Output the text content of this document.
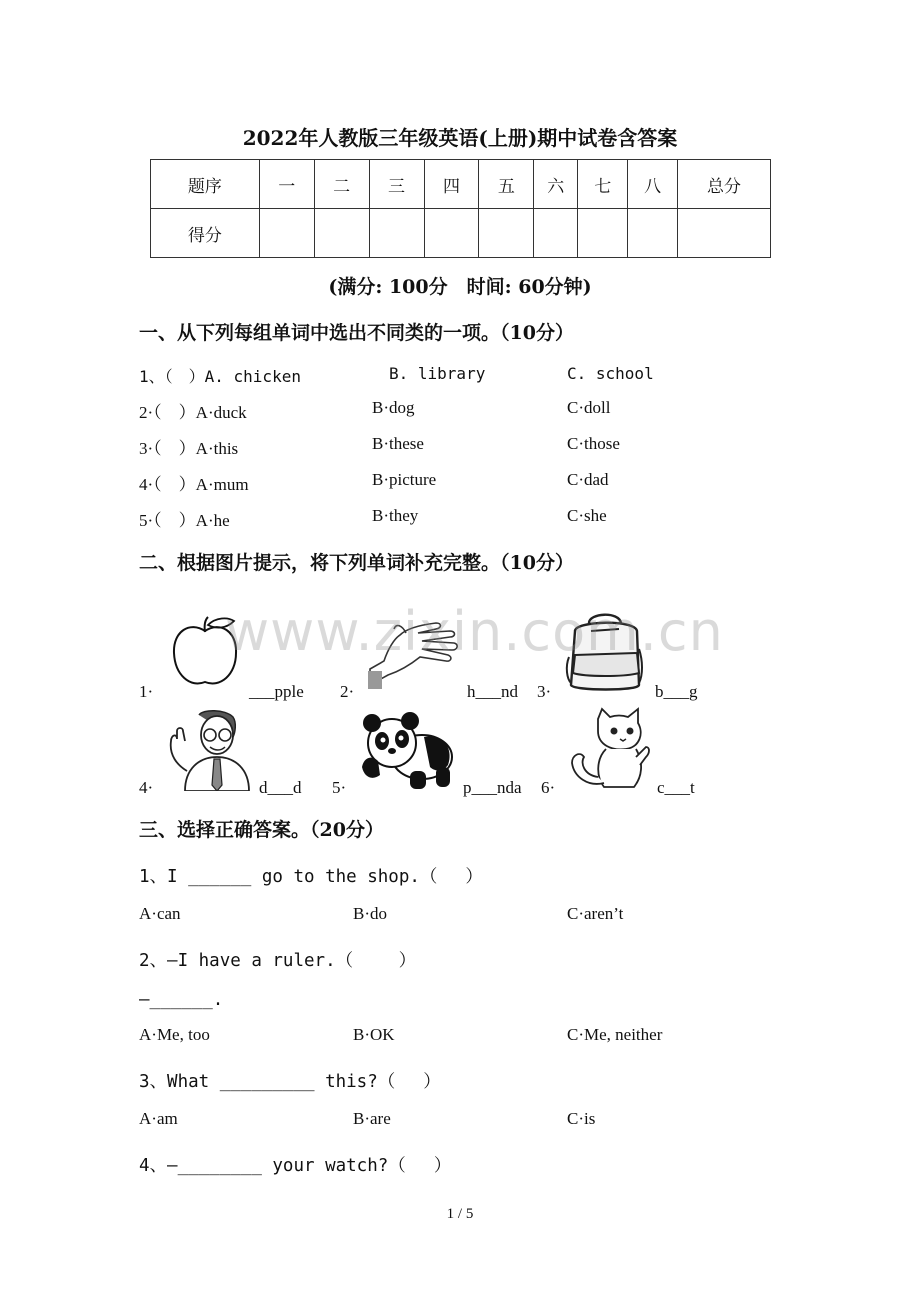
2022年人教版三年级英语(上册)期中试卷含答案
题序	一	二	三	四	五	六	七	八	总分
得分									
(满分: 100分　时间: 60分钟)
一、从下列每组单词中选出不同类的一项。（10分）
1、（　）A. chicken	B. library	C. school
2·（　）A·duck	B·dog	C·doll
3·（　）A·this	B·these	C·those
4·（　）A·mum	B·picture	C·dad
5·（　）A·he	B·they	C·she
二、根据图片提示，将下列单词补充完整。（10分）
1·	___pple 2·	h___nd 3·	b___g
4·	d___d 5·	p___nda 6·	c___t
www.zixin.com.cn
三、选择正确答案。（20分）
1、I ______ go to the shop.（　 ）
A·can	B·do	C·aren’t
2、—I have a ruler.（　　 ）
—______.
A·Me, too	B·OK	C·Me, neither
3、What _________ this?（　 ）
A·am	B·are	C·is
4、—________ your watch?（　 ）
1 / 5
